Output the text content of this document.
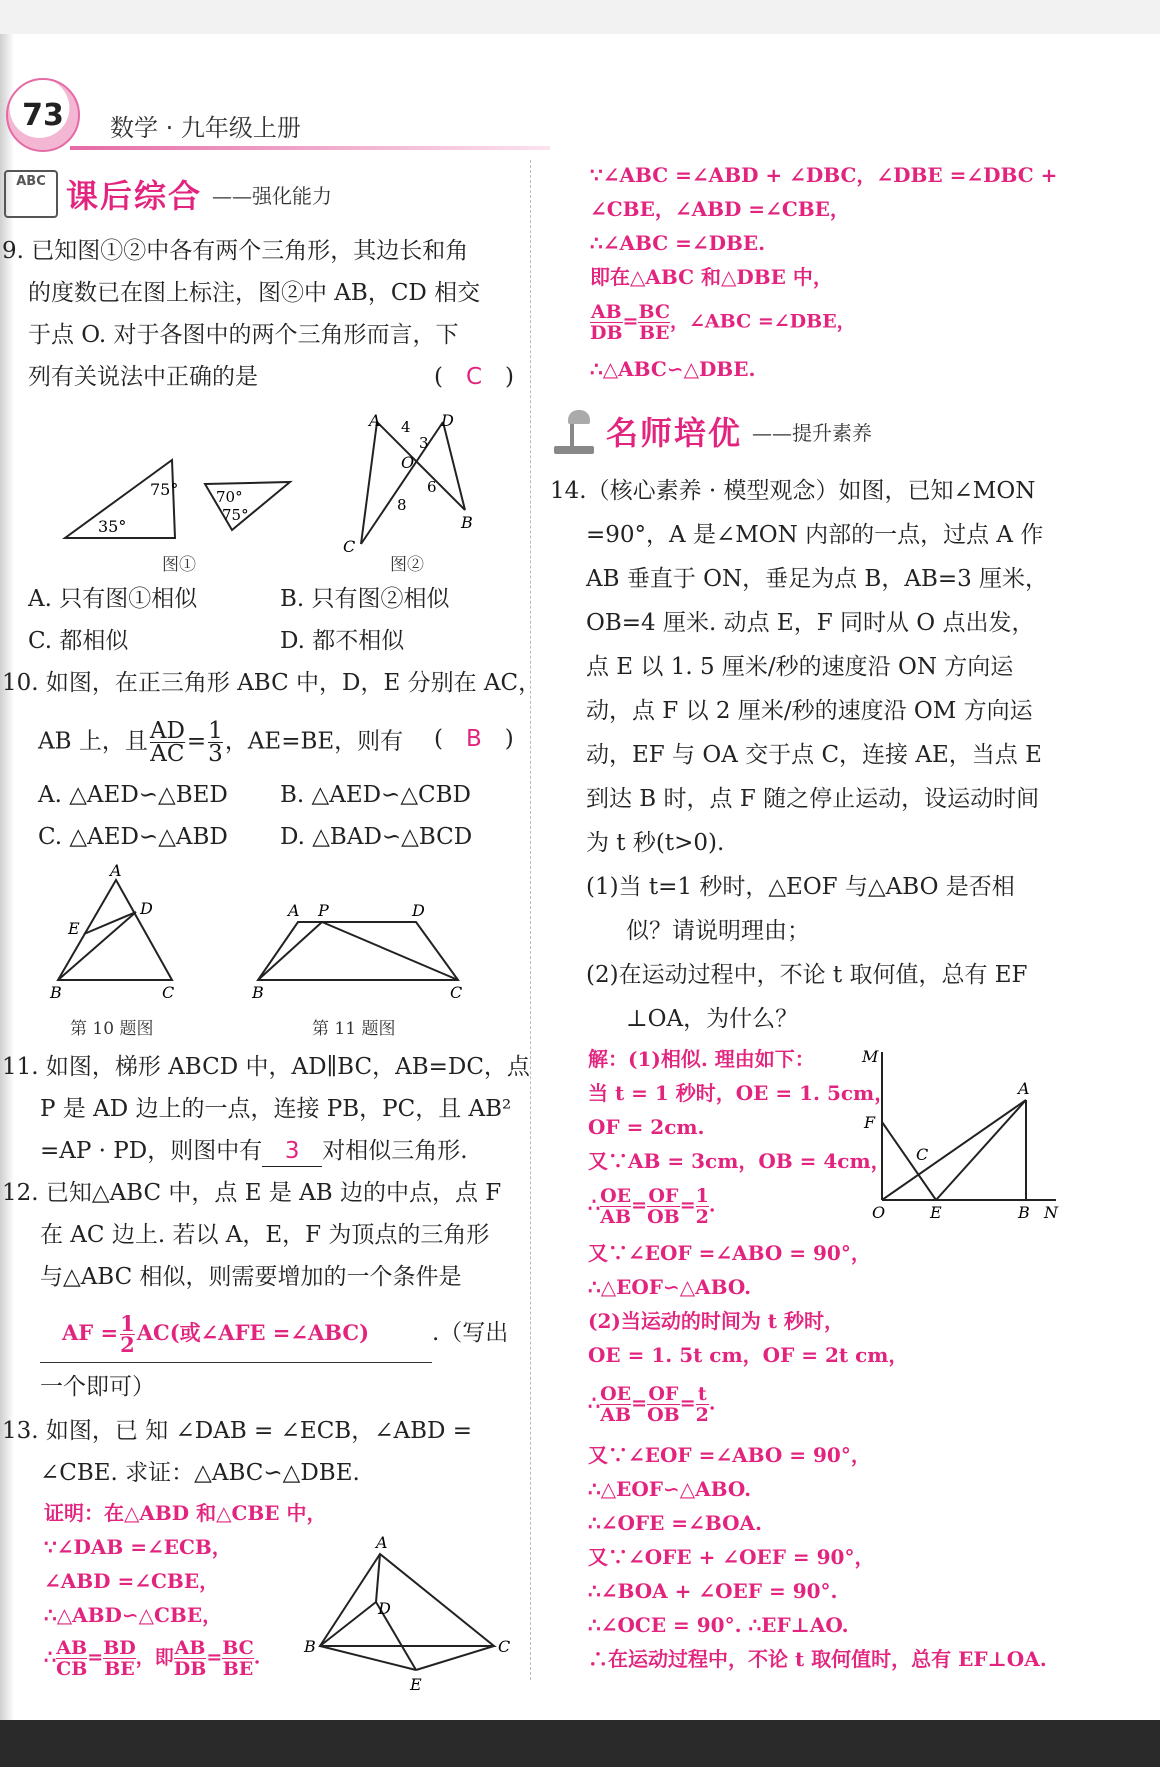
73 数学 · 九年级上册
ABC 课后综合 ——强化能力
9. 已知图①②中各有两个三角形，其边长和角
的度数已在图上标注，图②中 AB，CD 相交
于点 O. 对于各图中的两个三角形而言，下
列有关说法中正确的是	(　C　)
75°
35°
70°
75°
图①
A 4
3
D
O
6
8
B
C
图②
A. 只有图①相似	B. 只有图②相似
C. 都相似	D. 都不相似
10. 如图，在正三角形 ABC 中，D，E 分别在 AC，
AB 上，且 $\frac{AD}{AC} = \frac{1}{3}$ ，AE=BE，则有 (　B　)
A. △AED∽△BED B. △AED∽△CBD
C. △AED∽△ABD D. △BAD∽△BCD
A
D
E
B	C
第 10 题图
A P	D
B	C
第 11 题图
11. 如图，梯形 ABCD 中，AD∥BC，AB=DC，点
P 是 AD 边上的一点，连接 PB，PC，且 AB²
=AP · PD，则图中有 3 对相似三角形.
12. 已知△ABC 中，点 E 是 AB 边的中点，点 F
在 AC 边上. 若以 A，E，F 为顶点的三角形
与△ABC 相似，则需要增加的一个条件是
AF = $\frac{1}{2} AC$(或∠AFE =∠ABC)	.（写出
一个即可）
13. 如图，已 知 ∠DAB = ∠ECB，∠ABD =
∠CBE. 求证：△ABC∽△DBE.
证明：在△ABD 和△CBE 中，
∵∠DAB =∠ECB，
∠ABD =∠CBE，
∴△ABD∽△CBE，
∴ $\frac{AB}{CB} = \frac{BD}{BE}$ ，即 $\frac{AB}{DB} = \frac{BC}{BE}$ .
A
D
B	C
E
∵∠ABC =∠ABD + ∠DBC，∠DBE =∠DBC +
∠CBE，∠ABD =∠CBE，
∴∠ABC =∠DBE.
即在△ABC 和△DBE 中，
$\frac{AB}{DB} = \frac{BC}{BE}$ ，∠ABC =∠DBE，
∴△ABC∽△DBE.
名师培优 ——提升素养
14.（核心素养 · 模型观念）如图，已知∠MON
=90°，A 是∠MON 内部的一点，过点 A 作
AB 垂直于 ON，垂足为点 B，AB=3 厘米，
OB=4 厘米. 动点 E，F 同时从 O 点出发，
点 E 以 1. 5 厘米/秒的速度沿 ON 方向运
动，点 F 以 2 厘米/秒的速度沿 OM 方向运
动，EF 与 OA 交于点 C，连接 AE，当点 E
到达 B 时，点 F 随之停止运动，设运动时间
为 t 秒(t>0).
(1)当 t=1 秒时，△EOF 与△ABO 是否相
似？请说明理由；
(2)在运动过程中，不论 t 取何值，总有 EF
⊥OA，为什么？
解：(1)相似. 理由如下：
当 t = 1 秒时，OE = 1. 5cm，
OF = 2cm.
又∵AB = 3cm，OB = 4cm，
∴ $\frac{OE}{AB} = \frac{OF}{OB} = \frac{1}{2}$ .
又∵∠EOF =∠ABO = 90°，
∴△EOF∽△ABO.
(2)当运动的时间为 t 秒时，
OE = 1. 5t cm，OF = 2t cm，
∴ $\frac{OE}{AB} = \frac{OF}{OB} = \frac{t}{2}$ .
又∵∠EOF =∠ABO = 90°，
∴△EOF∽△ABO.
∴∠OFE =∠BOA.
又∵∠OFE + ∠OEF = 90°，
∴∠BOA + ∠OEF = 90°.
∴∠OCE = 90°. ∴EF⊥AO.
∴在运动过程中，不论 t 取何值时，总有 EF⊥OA.
M
A
F
C
O	E	B N
